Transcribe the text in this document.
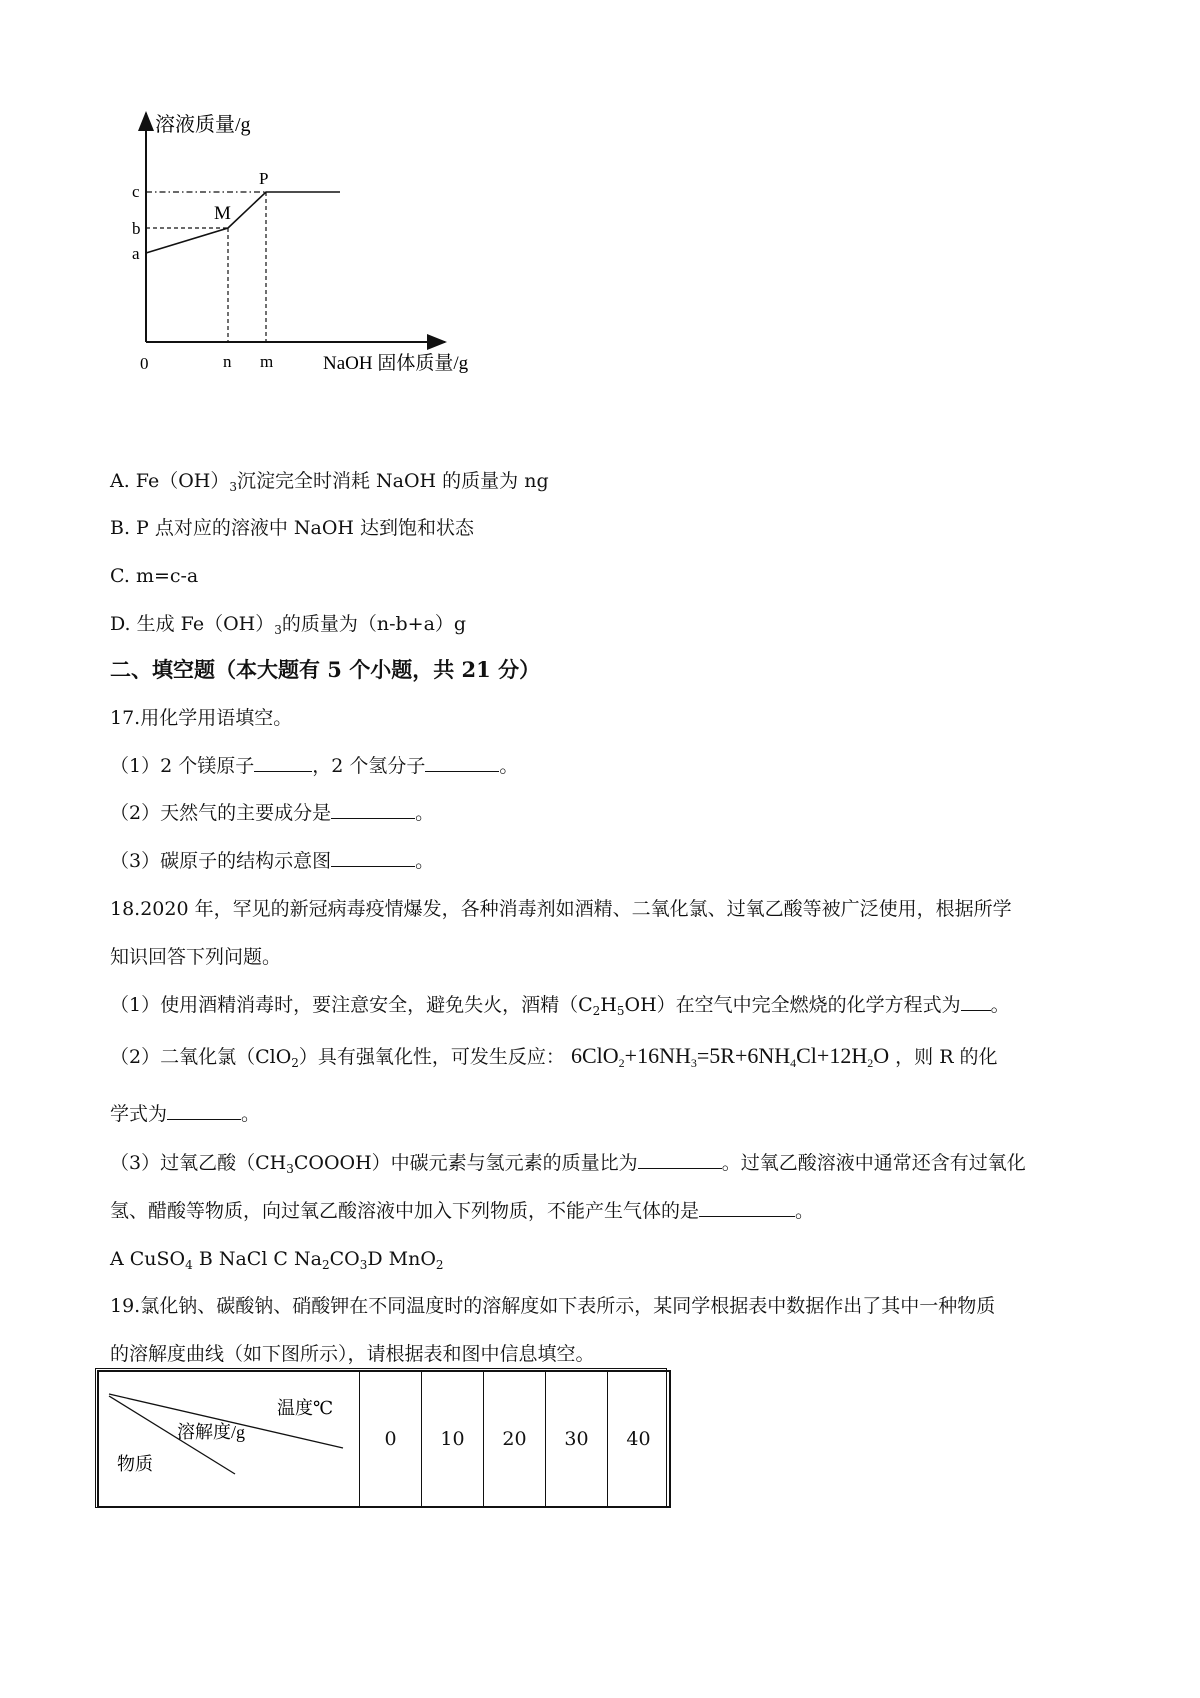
溶液质量/g
c
b
a
M
P
0	n m	NaOH 固体质量/g
A. $Fe(OH)_3$沉淀完全时消耗 NaOH 的质量为 ng
B. P 点对应的溶液中 NaOH 达到饱和状态
C. m=c-a
D. 生成 $Fe(OH)_3$的质量为（n-b+a）g
二、填空题（本大题有 5 个小题，共 21 分）
17.用化学用语填空。
（1）2 个镁原子	，2 个氢分子	。
（2）天然气的主要成分是	。
（3）碳原子的结构示意图	。
18.2020 年，罕见的新冠病毒疫情爆发，各种消毒剂如酒精、二氧化氯、过氧乙酸等被广泛使用，根据所学
知识回答下列问题。
（1）使用酒精消毒时，要注意安全，避免失火，酒精$(C_2H_5OH)$在空气中完全燃烧的化学方程式为 。
（2）二氧化氯（ClO$_2$）具有强氧化性，可发生反应： $6ClO_2+16NH_3=5R+6NH_4Cl+12H_2O$ ，则 R 的化
学式为	。
（3）过氧乙酸$(CH_3COOOH)$中碳元素与氢元素的质量比为	。过氧乙酸溶液中通常还含有过氧化
氢、醋酸等物质，向过氧乙酸溶液中加入下列物质，不能产生气体的是	。
A CuSO$_4$ B NaCl C $Na_2CO_3D$ MnO$_2$
19.氯化钠、碳酸钠、硝酸钾在不同温度时的溶解度如下表所示，某同学根据表中数据作出了其中一种物质
的溶解度曲线（如下图所示），请根据表和图中信息填空。
温度℃
溶解度/g
物质
	0	10	20	30	40
